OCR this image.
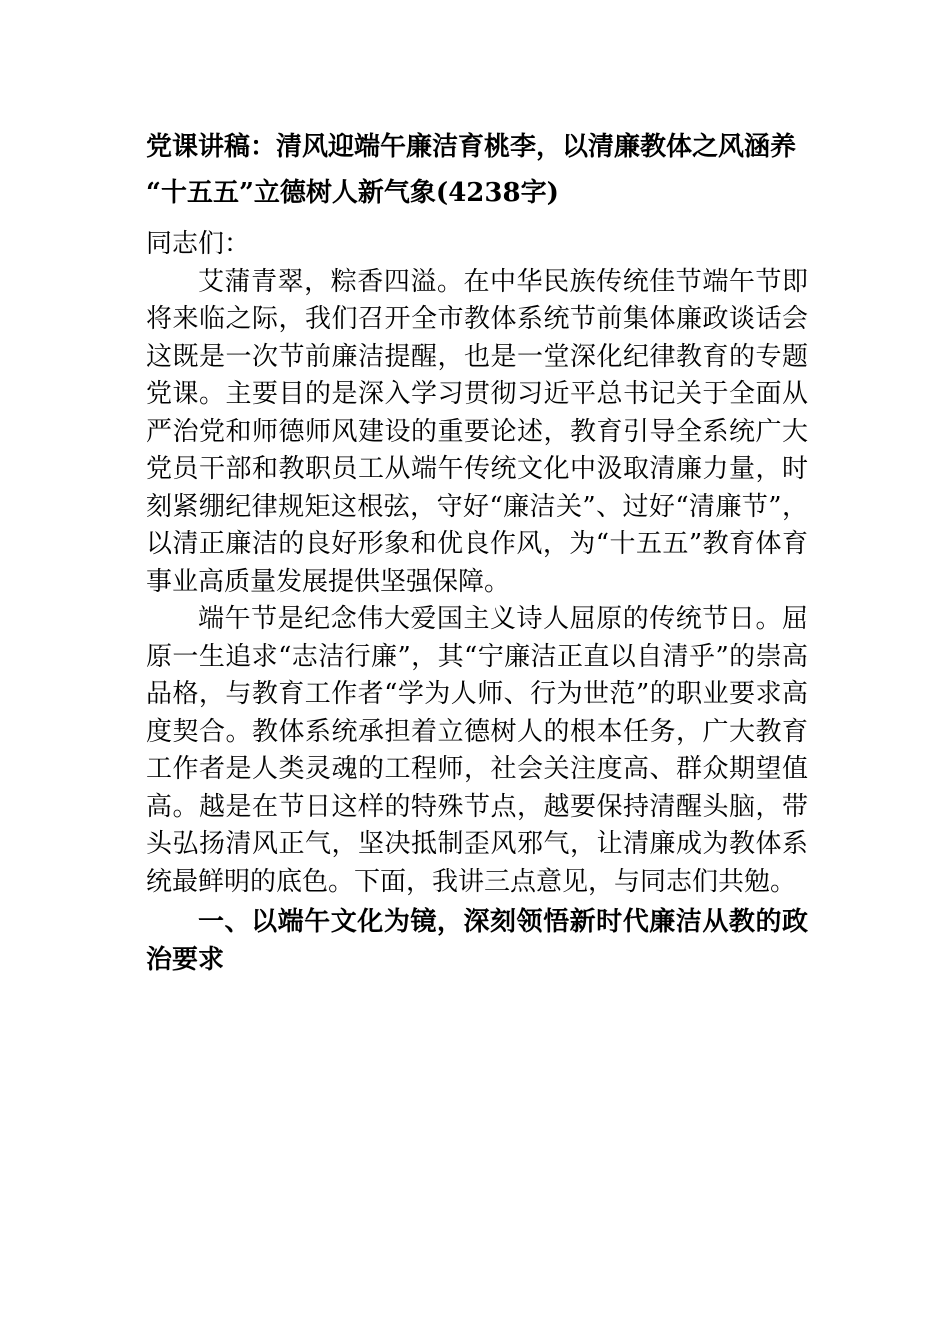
党课讲稿：清风迎端午廉洁育桃李，以清廉教体之风涵养
“十五五”立德树人新气象(4238字)

同志们：

艾蒲青翠，粽香四溢。在中华民族传统佳节端午节即将来临之际，我们召开全市教体系统节前集体廉政谈话会这既是一次节前廉洁提醒，也是一堂深化纪律教育的专题党课。主要目的是深入学习贯彻习近平总书记关于全面从严治党和师德师风建设的重要论述，教育引导全系统广大党员干部和教职员工从端午传统文化中汲取清廉力量，时刻紧绷纪律规矩这根弦，守好“廉洁关”、过好“清廉节”，以清正廉洁的良好形象和优良作风，为“十五五”教育体育事业高质量发展提供坚强保障。

端午节是纪念伟大爱国主义诗人屈原的传统节日。屈原一生追求“志洁行廉”，其“宁廉洁正直以自清乎”的崇高品格，与教育工作者“学为人师、行为世范”的职业要求高度契合。教体系统承担着立德树人的根本任务，广大教育工作者是人类灵魂的工程师，社会关注度高、群众期望值高。越是在节日这样的特殊节点，越要保持清醒头脑，带头弘扬清风正气，坚决抵制歪风邪气，让清廉成为教体系统最鲜明的底色。下面，我讲三点意见，与同志们共勉。

一、以端午文化为镜，深刻领悟新时代廉洁从教的政治要求
